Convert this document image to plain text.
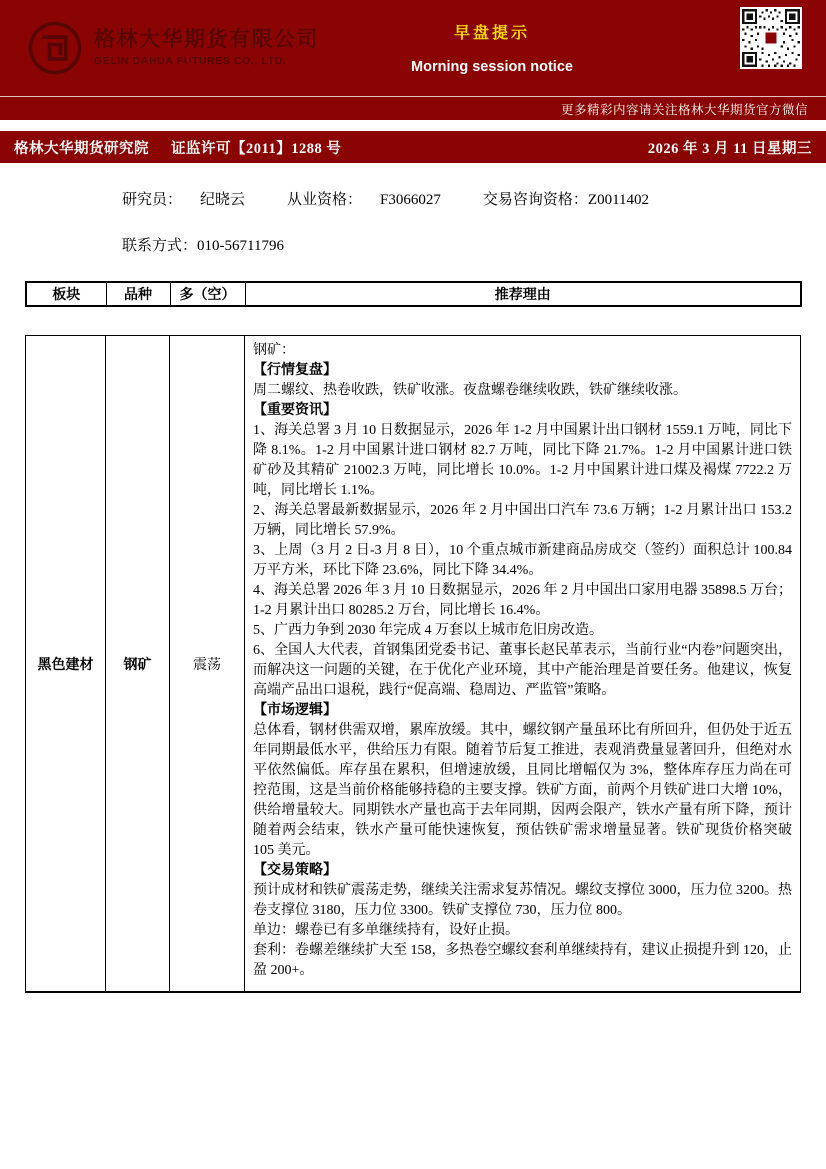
格林大华期货有限公司
GELIN DAHUA FUTURES CO., LTD.
早盘提示
Morning session notice
更多精彩内容请关注格林大华期货官方微信
格林大华期货研究院 证监许可【2011】1288 号	2026 年 3 月 11 日星期三
研究员： 纪晓云	从业资格： F3066027	交易咨询资格： Z0011402
联系方式： 010-56711796
板块	品种	多（空）	推荐理由
黑色建材	钢矿	震荡	
钢矿：
【行情复盘】
周二螺纹、热卷收跌，铁矿收涨。夜盘螺卷继续收跌，铁矿继续收涨。
【重要资讯】
1、海关总署 3 月 10 日数据显示，2026 年 1-2 月中国累计出口钢材 1559.1 万吨，同比下降 8.1%。1-2 月中国累计进口钢材 82.7 万吨，同比下降 21.7%。1-2 月中国累计进口铁矿砂及其精矿 21002.3 万吨，同比增长 10.0%。1-2 月中国累计进口煤及褐煤 7722.2 万吨，同比增长 1.1%。
2、海关总署最新数据显示，2026 年 2 月中国出口汽车 73.6 万辆；1-2 月累计出口 153.2 万辆，同比增长 57.9%。
3、上周（3 月 2 日-3 月 8 日），10 个重点城市新建商品房成交（签约）面积总计 100.84 万平方米，环比下降 23.6%，同比下降 34.4%。
4、海关总署 2026 年 3 月 10 日数据显示，2026 年 2 月中国出口家用电器 35898.5 万台；1-2 月累计出口 80285.2 万台，同比增长 16.4%。
5、广西力争到 2030 年完成 4 万套以上城市危旧房改造。
6、全国人大代表，首钢集团党委书记、董事长赵民革表示，当前行业“内卷”问题突出，而解决这一问题的关键，在于优化产业环境，其中产能治理是首要任务。他建议，恢复高端产品出口退税，践行“促高端、稳周边、严监管”策略。
【市场逻辑】
总体看，钢材供需双增，累库放缓。其中，螺纹钢产量虽环比有所回升，但仍处于近五年同期最低水平，供给压力有限。随着节后复工推进，表观消费量显著回升，但绝对水平依然偏低。库存虽在累积，但增速放缓，且同比增幅仅为 3%，整体库存压力尚在可控范围，这是当前价格能够持稳的主要支撑。铁矿方面，前两个月铁矿进口大增 10%，供给增量较大。同期铁水产量也高于去年同期，因两会限产，铁水产量有所下降，预计随着两会结束，铁水产量可能快速恢复，预估铁矿需求增量显著。铁矿现货价格突破 105 美元。
【交易策略】
预计成材和铁矿震荡走势，继续关注需求复苏情况。螺纹支撑位 3000，压力位 3200。热卷支撑位 3180，压力位 3300。铁矿支撑位 730，压力位 800。
单边：螺卷已有多单继续持有，设好止损。
套利：卷螺差继续扩大至 158，多热卷空螺纹套利单继续持有，建议止损提升到 120，止盈 200+。
